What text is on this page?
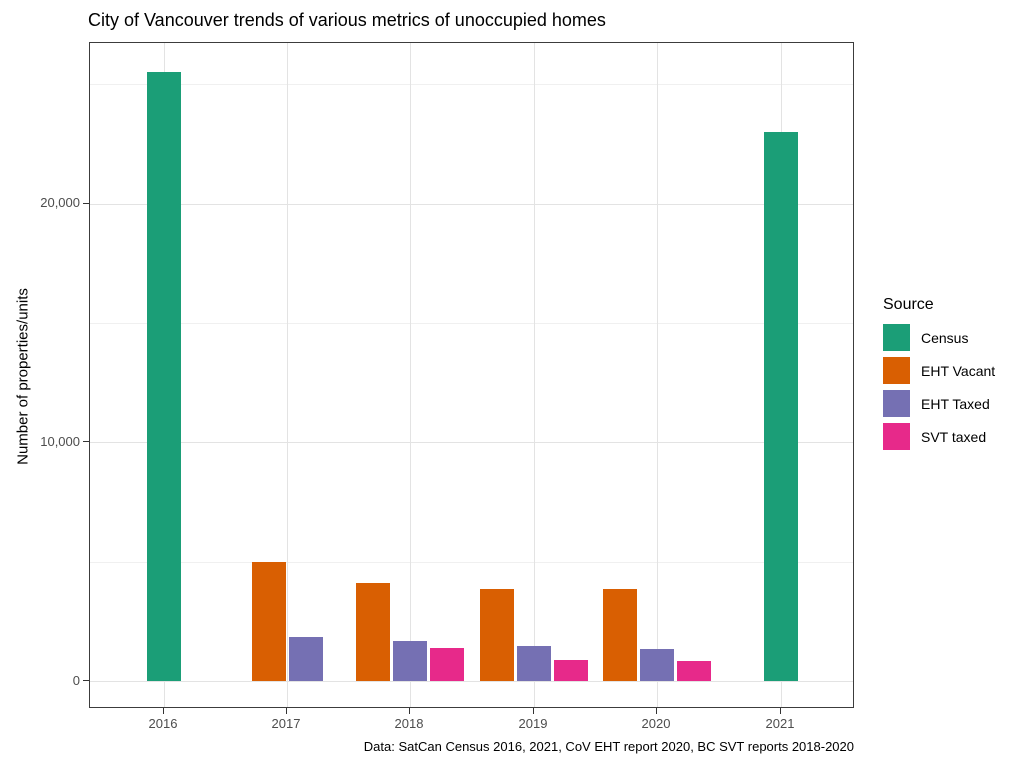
City of Vancouver trends of various metrics of unoccupied homes
Number of properties/units
0
10,000
20,000
2016	2017	2018	2019	2020	2021
Source
Census
EHT Vacant
EHT Taxed
SVT taxed
Data: SatCan Census 2016, 2021, CoV EHT report 2020, BC SVT reports 2018-2020
